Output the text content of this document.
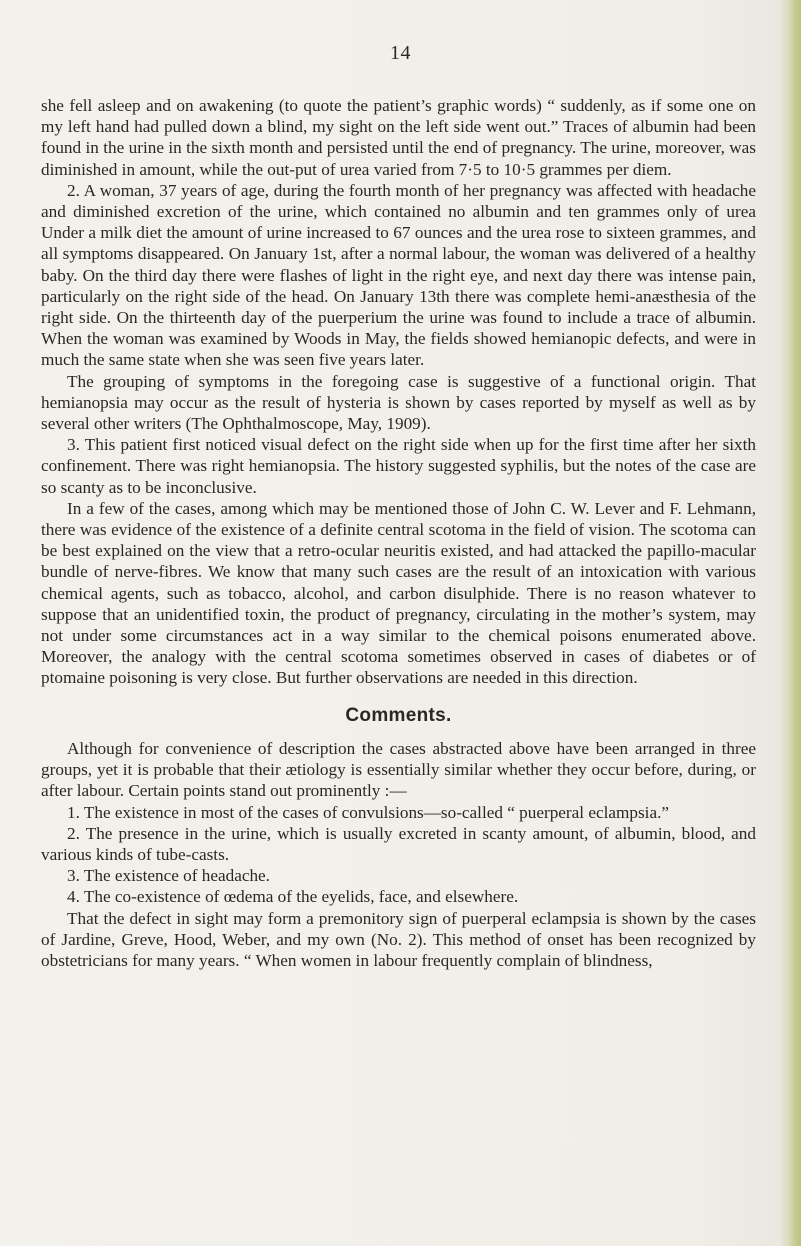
14

she fell asleep and on awakening (to quote the patient’s graphic words) “ suddenly, as if some one on my left hand had pulled down a blind, my sight on the left side went out.” Traces of albumin had been found in the urine in the sixth month and persisted until the end of pregnancy. The urine, moreover, was diminished in amount, while the out-put of urea varied from 7·5 to 10·5 grammes per diem.

2. A woman, 37 years of age, during the fourth month of her pregnancy was affected with headache and diminished excretion of the urine, which contained no albumin and ten grammes only of urea Under a milk diet the amount of urine increased to 67 ounces and the urea rose to sixteen grammes, and all symptoms disappeared. On January 1st, after a normal labour, the woman was delivered of a healthy baby. On the third day there were flashes of light in the right eye, and next day there was intense pain, particularly on the right side of the head. On January 13th there was complete hemi-anæsthesia of the right side. On the thirteenth day of the puerperium the urine was found to include a trace of albumin. When the woman was examined by Woods in May, the fields showed hemianopic defects, and were in much the same state when she was seen five years later.

The grouping of symptoms in the foregoing case is suggestive of a functional origin. That hemianopsia may occur as the result of hysteria is shown by cases reported by myself as well as by several other writers (The Ophthalmoscope, May, 1909).

3. This patient first noticed visual defect on the right side when up for the first time after her sixth confinement. There was right hemianopsia. The history suggested syphilis, but the notes of the case are so scanty as to be inconclusive.

In a few of the cases, among which may be mentioned those of John C. W. Lever and F. Lehmann, there was evidence of the existence of a definite central scotoma in the field of vision. The scotoma can be best explained on the view that a retro-ocular neuritis existed, and had attacked the papillo-macular bundle of nerve-fibres. We know that many such cases are the result of an intoxication with various chemical agents, such as tobacco, alcohol, and carbon disulphide. There is no reason whatever to suppose that an unidentified toxin, the product of pregnancy, circulating in the mother’s system, may not under some circumstances act in a way similar to the chemical poisons enumerated above. Moreover, the analogy with the central scotoma sometimes observed in cases of diabetes or of ptomaine poisoning is very close. But further observations are needed in this direction.

Comments.

Although for convenience of description the cases abstracted above have been arranged in three groups, yet it is probable that their ætiology is essentially similar whether they occur before, during, or after labour. Certain points stand out prominently :—

1. The existence in most of the cases of convulsions—so-called “ puerperal eclampsia.”

2. The presence in the urine, which is usually excreted in scanty amount, of albumin, blood, and various kinds of tube-casts.

3. The existence of headache.

4. The co-existence of œdema of the eyelids, face, and elsewhere.

That the defect in sight may form a premonitory sign of puerperal eclampsia is shown by the cases of Jardine, Greve, Hood, Weber, and my own (No. 2). This method of onset has been recognized by obstetricians for many years. “ When women in labour frequently complain of blindness,
